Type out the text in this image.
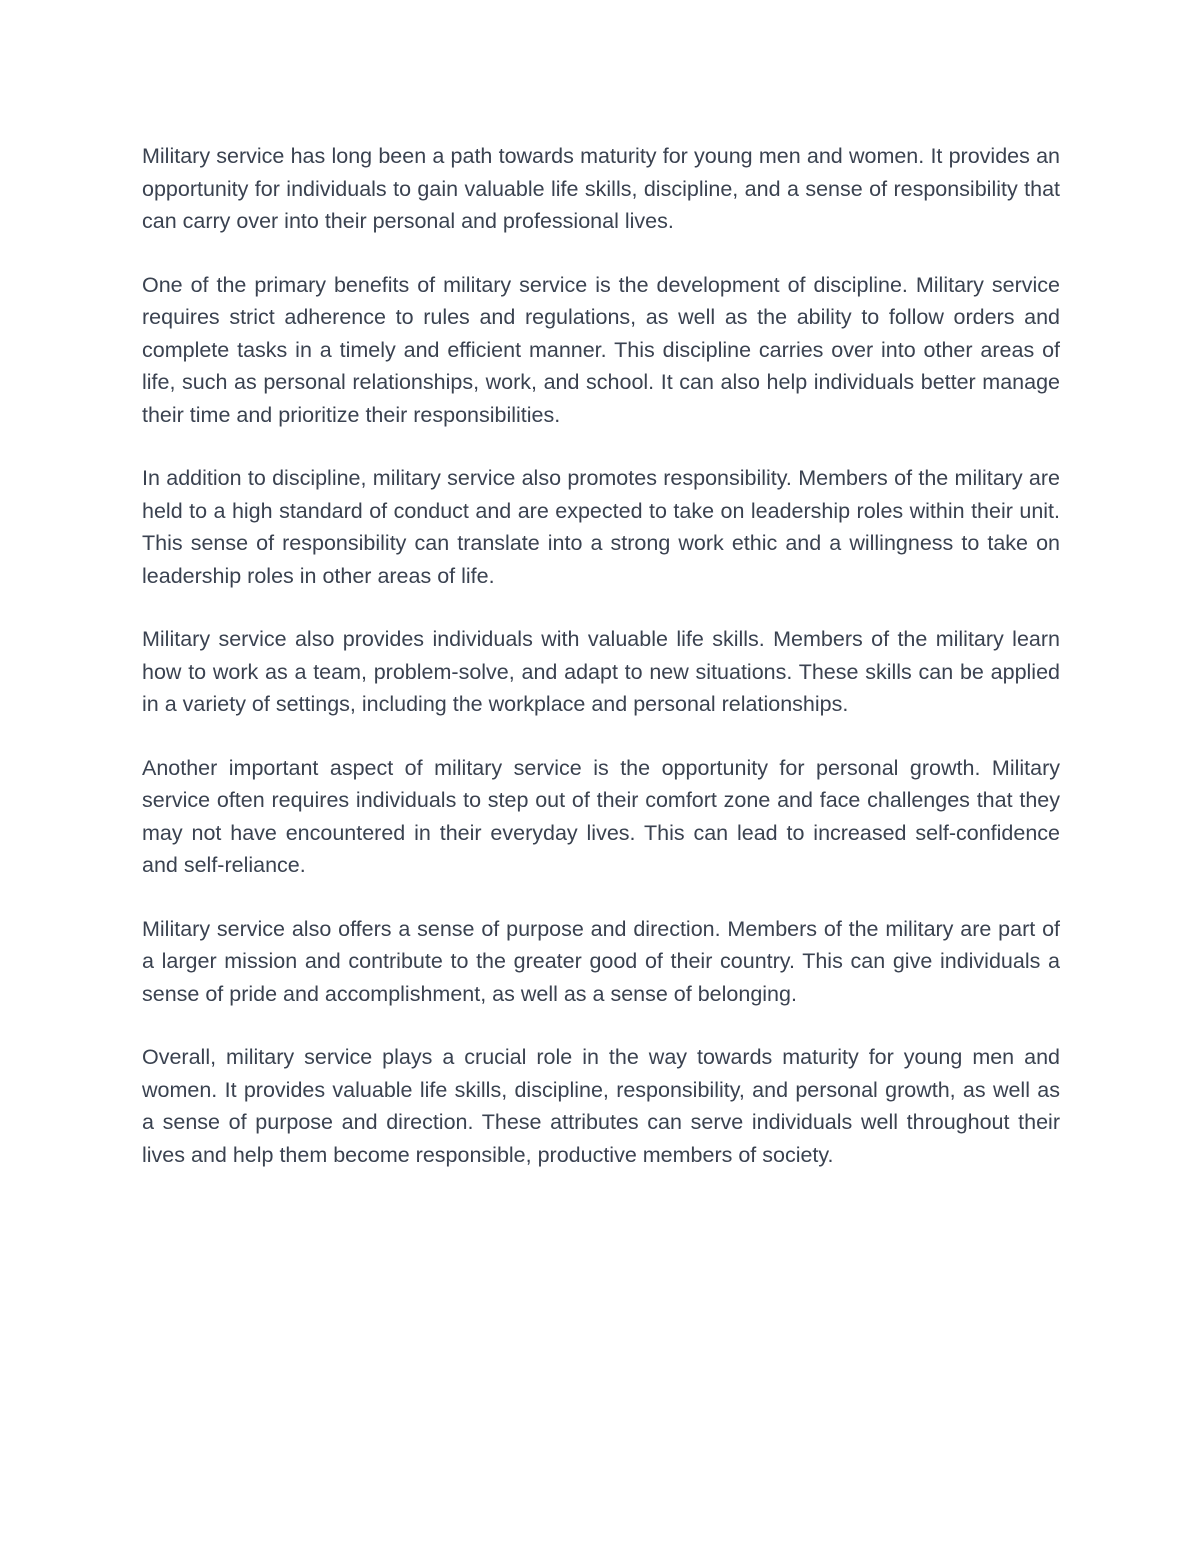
Military service has long been a path towards maturity for young men and women. It provides an opportunity for individuals to gain valuable life skills, discipline, and a sense of responsibility that can carry over into their personal and professional lives.

One of the primary benefits of military service is the development of discipline. Military service requires strict adherence to rules and regulations, as well as the ability to follow orders and complete tasks in a timely and efficient manner. This discipline carries over into other areas of life, such as personal relationships, work, and school. It can also help individuals better manage their time and prioritize their responsibilities.

In addition to discipline, military service also promotes responsibility. Members of the military are held to a high standard of conduct and are expected to take on leadership roles within their unit. This sense of responsibility can translate into a strong work ethic and a willingness to take on leadership roles in other areas of life.

Military service also provides individuals with valuable life skills. Members of the military learn how to work as a team, problem-solve, and adapt to new situations. These skills can be applied in a variety of settings, including the workplace and personal relationships.

Another important aspect of military service is the opportunity for personal growth. Military service often requires individuals to step out of their comfort zone and face challenges that they may not have encountered in their everyday lives. This can lead to increased self-confidence and self-reliance.

Military service also offers a sense of purpose and direction. Members of the military are part of a larger mission and contribute to the greater good of their country. This can give individuals a sense of pride and accomplishment, as well as a sense of belonging.

Overall, military service plays a crucial role in the way towards maturity for young men and women. It provides valuable life skills, discipline, responsibility, and personal growth, as well as a sense of purpose and direction. These attributes can serve individuals well throughout their lives and help them become responsible, productive members of society.
